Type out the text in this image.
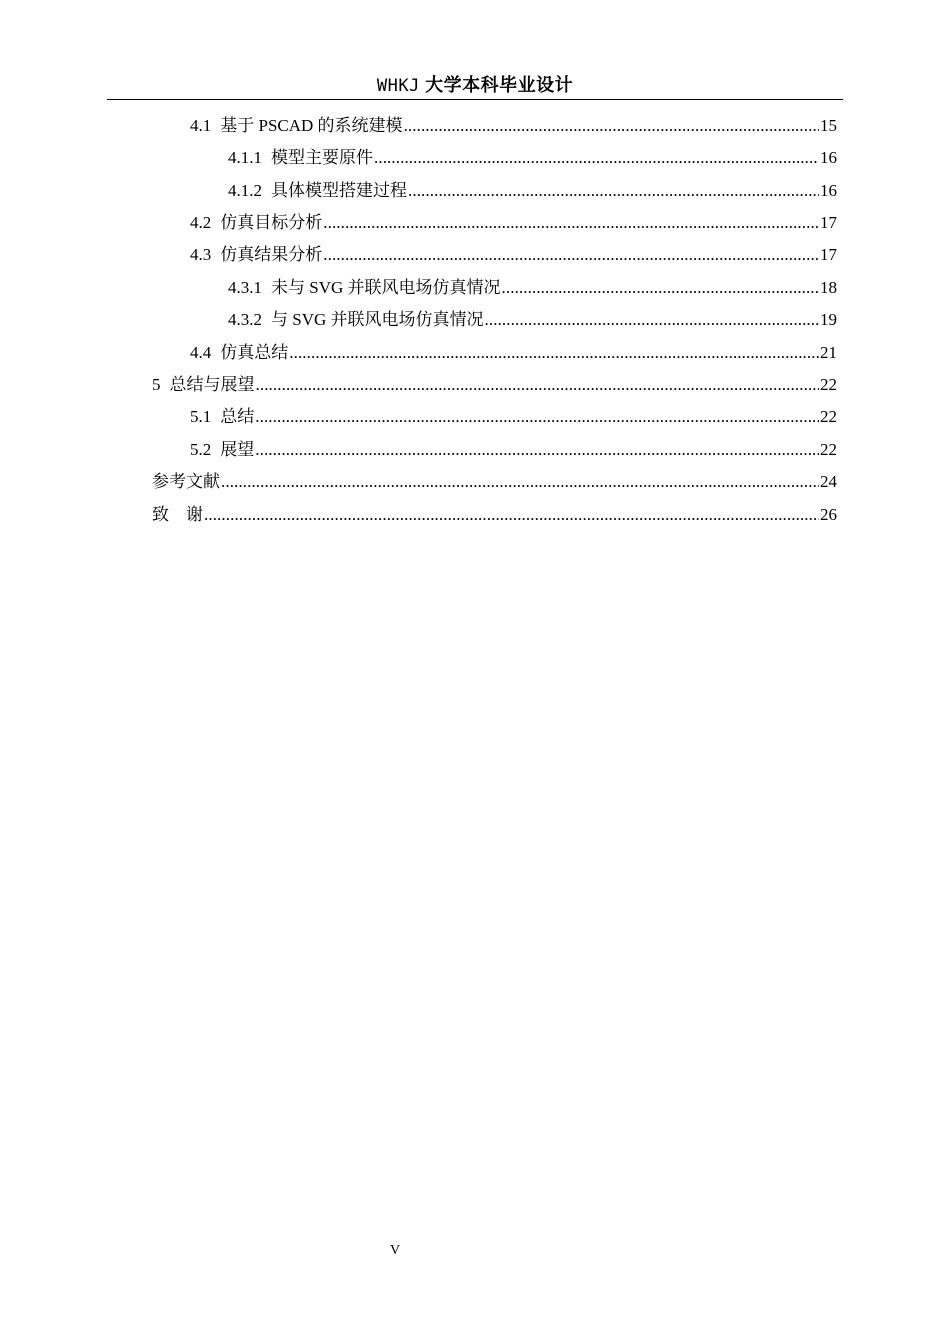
WHKJ 大学本科毕业设计
4.1 基于 PSCAD 的系统建模 .....	15
4.1.1 模型主要原件 .....	16
4.1.2 具体模型搭建过程 .....	16
4.2 仿真目标分析 .....	17
4.3 仿真结果分析 .....	17
4.3.1 未与 SVG 并联风电场仿真情况 .....	18
4.3.2 与 SVG 并联风电场仿真情况 .....	19
4.4 仿真总结 .....	21
5 总结与展望 .....	22
5.1 总结 .....	22
5.2 展望 .....	22
参考文献 .....	24
致　谢 .....	26
V
